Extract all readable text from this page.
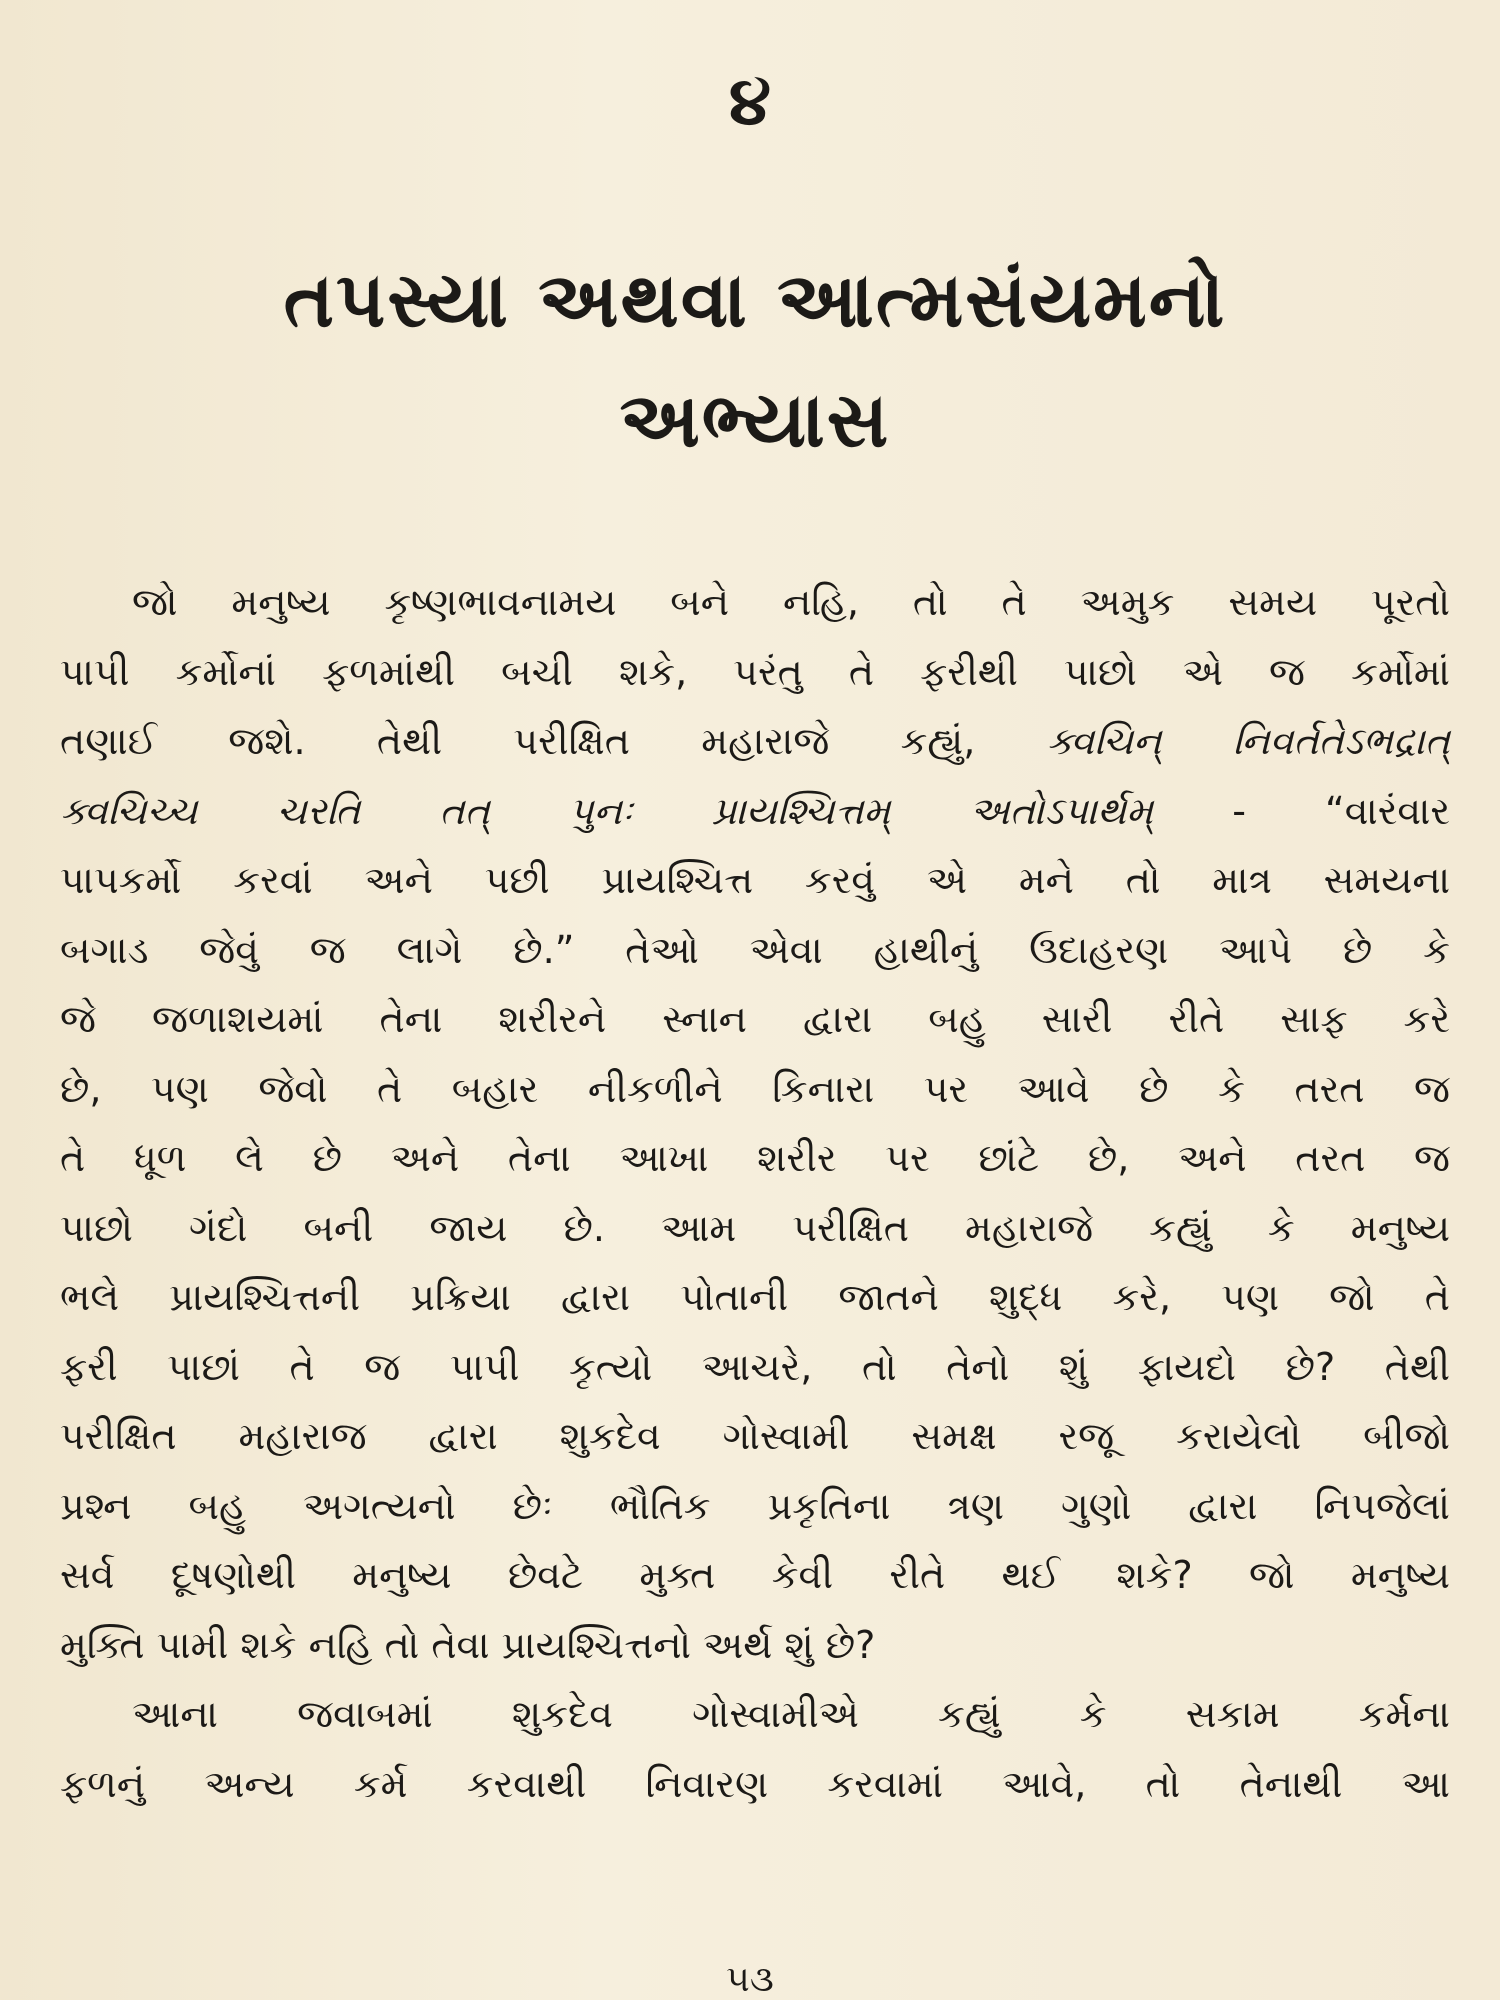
૪
તપસ્યા અથવા આત્મસંયમનો
અભ્યાસ

જો મનુષ્ય કૃષ્ણભાવનામય બને નહિ, તો તે અમુક સમય પૂરતો
પાપી કર્મોનાં ફળમાંથી બચી શકે, પરંતુ તે ફરીથી પાછો એ જ કર્મોમાં
તણાઈ જશે. તેથી પરીક્ષિત મહારાજે કહ્યું, ક્વચિન્ નિવર્તતેઽભદ્રાત્
ક્વચિચ્ચ ચરતિ તત્ પુનઃ પ્રાયશ્ચિત્તમ્ અતોઽપાર્થમ્ - “વારંવાર
પાપકર્મો કરવાં અને પછી પ્રાયશ્ચિત્ત કરવું એ મને તો માત્ર સમયના
બગાડ જેવું જ લાગે છે.” તેઓ એવા હાથીનું ઉદાહરણ આપે છે કે
જે જળાશયમાં તેના શરીરને સ્નાન દ્વારા બહુ સારી રીતે સાફ કરે
છે, પણ જેવો તે બહાર નીકળીને કિનારા પર આવે છે કે તરત જ
તે ધૂળ લે છે અને તેના આખા શરીર પર છાંટે છે, અને તરત જ
પાછો ગંદો બની જાય છે. આમ પરીક્ષિત મહારાજે કહ્યું કે મનુષ્ય
ભલે પ્રાયશ્ચિત્તની પ્રક્રિયા દ્વારા પોતાની જાતને શુદ્ધ કરે, પણ જો તે
ફરી પાછાં તે જ પાપી કૃત્યો આચરે, તો તેનો શું ફાયદો છે? તેથી
પરીક્ષિત મહારાજ દ્વારા શુકદેવ ગોસ્વામી સમક્ષ રજૂ કરાયેલો બીજો
પ્રશ્ન બહુ અગત્યનો છેઃ ભૌતિક પ્રકૃતિના ત્રણ ગુણો દ્વારા નિપજેલાં
સર્વ દૂષણોથી મનુષ્ય છેવટે મુક્ત કેવી રીતે થઈ શકે? જો મનુષ્ય
મુક્તિ પામી શકે નહિ તો તેવા પ્રાયશ્ચિત્તનો અર્થ શું છે?

આના જવાબમાં શુકદેવ ગોસ્વામીએ કહ્યું કે સકામ કર્મના
ફળનું અન્ય કર્મ કરવાથી નિવારણ કરવામાં આવે, તો તેનાથી આ

૫૩
